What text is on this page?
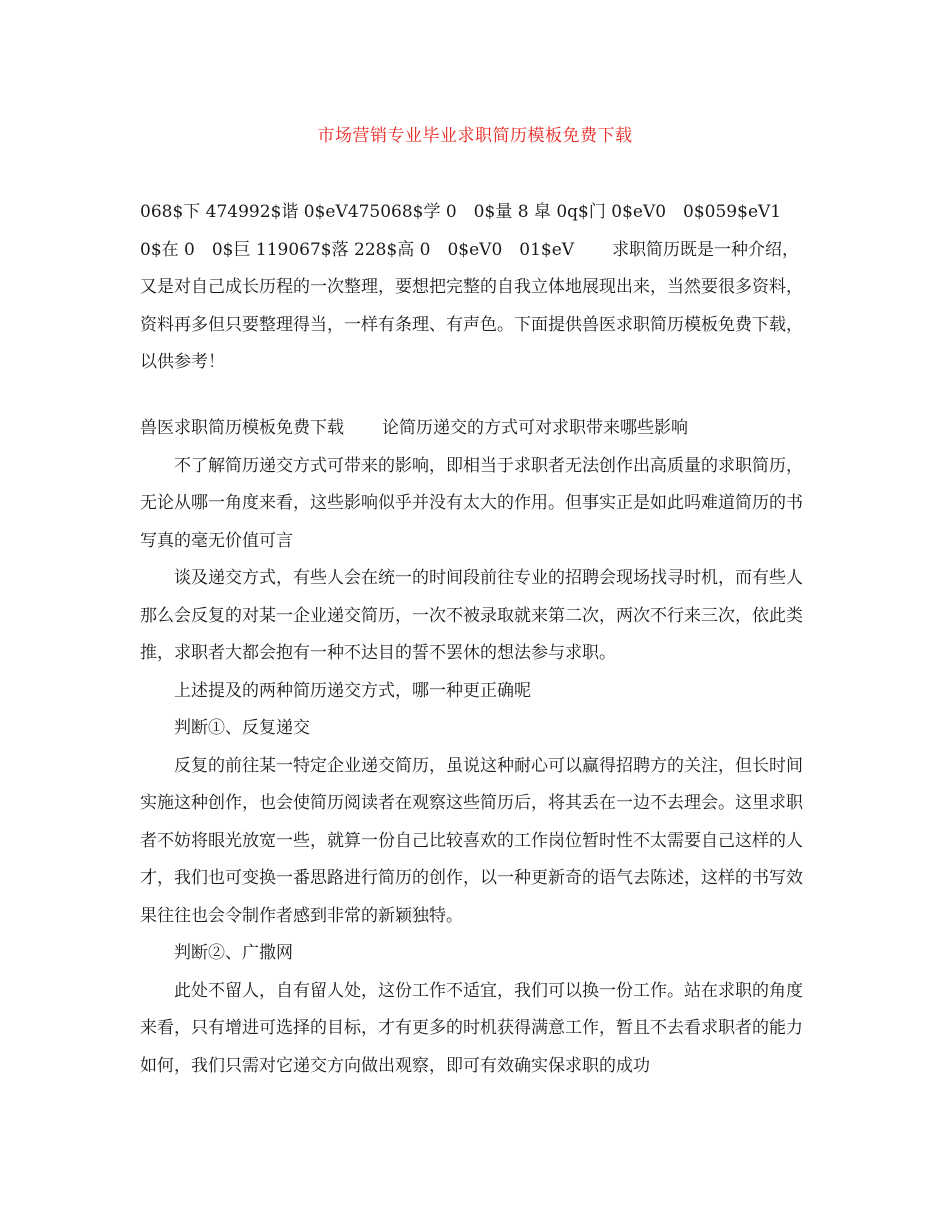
市场营销专业毕业求职简历模板免费下载
068$下 474992$谐 0$eV475068$学 0　0$量 8 皐 0q$门 0$eV0　0$059$eV1　0$在 0　0$巨 119067$落 228$高 0　0$eV0　01$eV 求职简历既是一种介绍，又是对自己成长历程的一次整理，要想把完整的自我立体地展现出来，当然要很多资料，资料再多但只要整理得当，一样有条理、有声色。下面提供兽医求职简历模板免费下载，以供参考！
兽医求职简历模板免费下载 论简历递交的方式可对求职带来哪些影响

不了解简历递交方式可带来的影响，即相当于求职者无法创作出高质量的求职简历，无论从哪一角度来看，这些影响似乎并没有太大的作用。但事实正是如此吗难道简历的书写真的毫无价值可言

谈及递交方式，有些人会在统一的时间段前往专业的招聘会现场找寻时机，而有些人那么会反复的对某一企业递交简历，一次不被录取就来第二次，两次不行来三次，依此类推，求职者大都会抱有一种不达目的誓不罢休的想法参与求职。

上述提及的两种简历递交方式，哪一种更正确呢

判断①、反复递交

反复的前往某一特定企业递交简历，虽说这种耐心可以赢得招聘方的关注，但长时间实施这种创作，也会使简历阅读者在观察这些简历后，将其丢在一边不去理会。这里求职者不妨将眼光放宽一些，就算一份自己比较喜欢的工作岗位暂时性不太需要自己这样的人才，我们也可变换一番思路进行简历的创作，以一种更新奇的语气去陈述，这样的书写效果往往也会令制作者感到非常的新颖独特。

判断②、广撒网

此处不留人，自有留人处，这份工作不适宜，我们可以换一份工作。站在求职的角度来看，只有增进可选择的目标，才有更多的时机获得满意工作，暂且不去看求职者的能力如何，我们只需对它递交方向做出观察，即可有效确实保求职的成功
